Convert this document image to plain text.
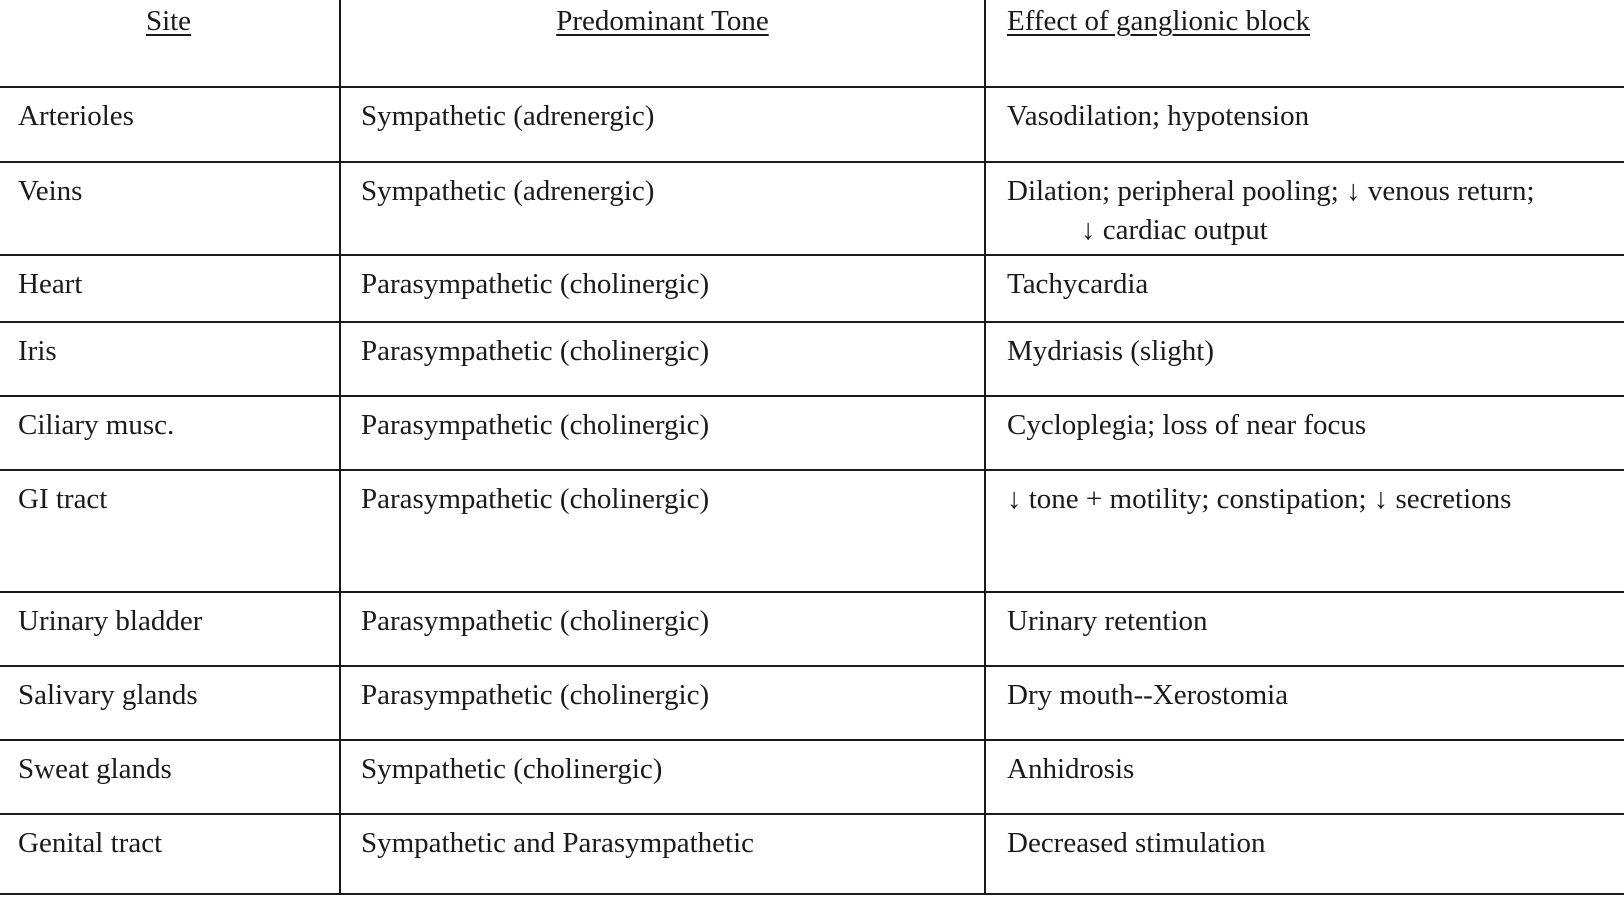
Site	Predominant Tone	Effect of ganglionic block
Arterioles	Sympathetic (adrenergic)	Vasodilation; hypotension
Veins	Sympathetic (adrenergic)	Dilation; peripheral pooling; ↓ venous return;
↓ cardiac output

Heart	Parasympathetic (cholinergic)	Tachycardia
Iris	Parasympathetic (cholinergic)	Mydriasis (slight)
Ciliary musc.	Parasympathetic (cholinergic)	Cycloplegia; loss of near focus
GI tract	Parasympathetic (cholinergic)	↓ tone + motility; constipation; ↓ secretions
Urinary bladder	Parasympathetic (cholinergic)	Urinary retention
Salivary glands	Parasympathetic (cholinergic)	Dry mouth--Xerostomia
Sweat glands	Sympathetic (cholinergic)	Anhidrosis
Genital tract	Sympathetic and Parasympathetic	Decreased stimulation
